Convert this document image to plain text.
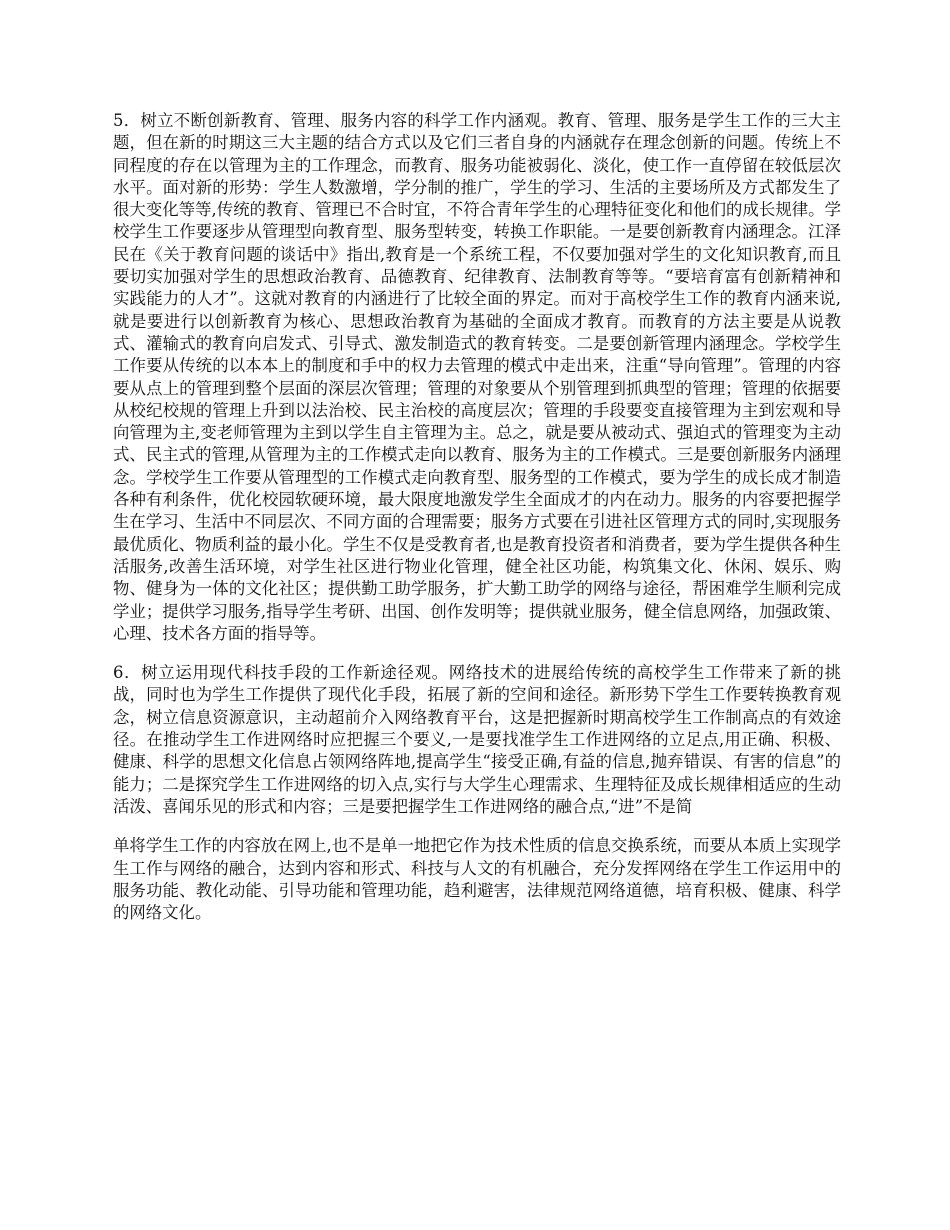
5．树立不断创新教育、管理、服务内容的科学工作内涵观。教育、管理、服务是学生工作的三大主题，但在新的时期这三大主题的结合方式以及它们三者自身的内涵就存在理念创新的问题。传统上不同程度的存在以管理为主的工作理念，而教育、服务功能被弱化、淡化，使工作一直停留在较低层次水平。面对新的形势：学生人数激增，学分制的推广，学生的学习、生活的主要场所及方式都发生了很大变化等等,传统的教育、管理已不合时宜，不符合青年学生的心理特征变化和他们的成长规律。学校学生工作要逐步从管理型向教育型、服务型转变，转换工作职能。一是要创新教育内涵理念。江泽民在《关于教育问题的谈话中》指出,教育是一个系统工程，不仅要加强对学生的文化知识教育,而且要切实加强对学生的思想政治教育、品德教育、纪律教育、法制教育等等。“要培育富有创新精神和实践能力的人才”。这就对教育的内涵进行了比较全面的界定。而对于高校学生工作的教育内涵来说,就是要进行以创新教育为核心、思想政治教育为基础的全面成才教育。而教育的方法主要是从说教式、灌输式的教育向启发式、引导式、激发制造式的教育转变。二是要创新管理内涵理念。学校学生工作要从传统的以本本上的制度和手中的权力去管理的模式中走出来，注重“导向管理”。管理的内容要从点上的管理到整个层面的深层次管理；管理的对象要从个别管理到抓典型的管理；管理的依据要从校纪校规的管理上升到以法治校、民主治校的高度层次；管理的手段要变直接管理为主到宏观和导向管理为主,变老师管理为主到以学生自主管理为主。总之，就是要从被动式、强迫式的管理变为主动式、民主式的管理,从管理为主的工作模式走向以教育、服务为主的工作模式。三是要创新服务内涵理念。学校学生工作要从管理型的工作模式走向教育型、服务型的工作模式，要为学生的成长成才制造各种有利条件，优化校园软硬环境，最大限度地激发学生全面成才的内在动力。服务的内容要把握学生在学习、生活中不同层次、不同方面的合理需要；服务方式要在引进社区管理方式的同时,实现服务最优质化、物质利益的最小化。学生不仅是受教育者,也是教育投资者和消费者，要为学生提供各种生活服务,改善生活环境，对学生社区进行物业化管理，健全社区功能，构筑集文化、休闲、娱乐、购物、健身为一体的文化社区；提供勤工助学服务，扩大勤工助学的网络与途径，帮困难学生顺利完成学业；提供学习服务,指导学生考研、出国、创作发明等；提供就业服务，健全信息网络，加强政策、心理、技术各方面的指导等。

6．树立运用现代科技手段的工作新途径观。网络技术的进展给传统的高校学生工作带来了新的挑战，同时也为学生工作提供了现代化手段，拓展了新的空间和途径。新形势下学生工作要转换教育观念，树立信息资源意识，主动超前介入网络教育平台，这是把握新时期高校学生工作制高点的有效途径。在推动学生工作进网络时应把握三个要义,一是要找准学生工作进网络的立足点,用正确、积极、健康、科学的思想文化信息占领网络阵地,提高学生“接受正确,有益的信息,抛弃错误、有害的信息”的能力；二是探究学生工作进网络的切入点,实行与大学生心理需求、生理特征及成长规律相适应的生动活泼、喜闻乐见的形式和内容；三是要把握学生工作进网络的融合点,“进”不是简

单将学生工作的内容放在网上,也不是单一地把它作为技术性质的信息交换系统，而要从本质上实现学生工作与网络的融合，达到内容和形式、科技与人文的有机融合，充分发挥网络在学生工作运用中的服务功能、教化动能、引导功能和管理功能，趋利避害，法律规范网络道德，培育积极、健康、科学的网络文化。
